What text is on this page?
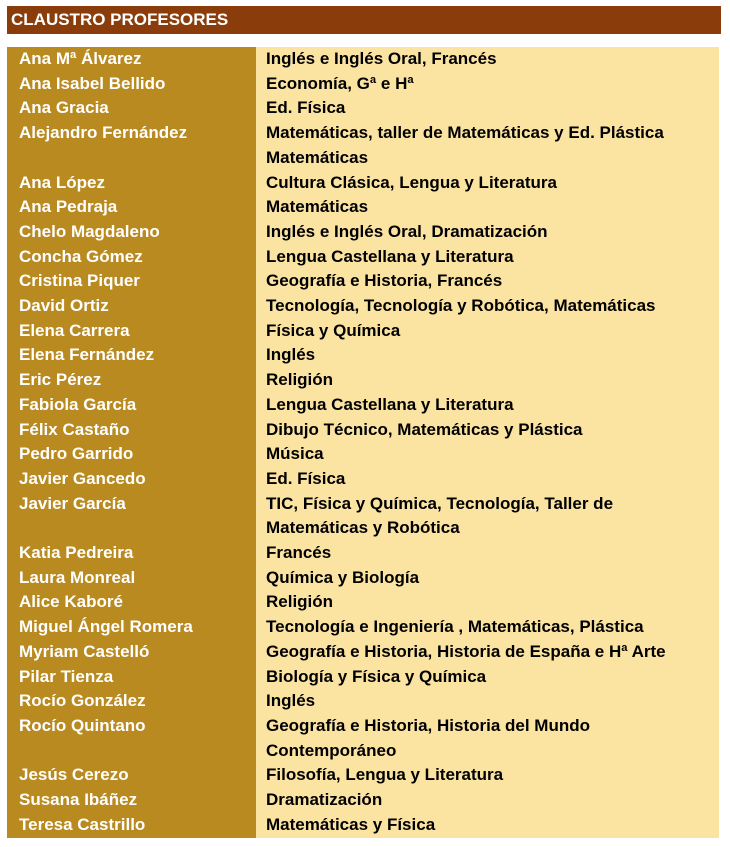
CLAUSTRO PROFESORES
Ana Mª Álvarez	Inglés e Inglés Oral, Francés
Ana Isabel Bellido	Economía, Gª e Hª
Ana Gracia	Ed. Física
Alejandro Fernández	Matemáticas, taller de Matemáticas y Ed. Plástica Matemáticas
Ana López	Cultura Clásica, Lengua y Literatura
Ana Pedraja	Matemáticas
Chelo Magdaleno	Inglés e Inglés Oral, Dramatización
Concha Gómez	Lengua Castellana y Literatura
Cristina Piquer	Geografía e Historia, Francés
David Ortiz	Tecnología, Tecnología y Robótica, Matemáticas
Elena Carrera	Física y Química
Elena Fernández	Inglés
Eric Pérez	Religión
Fabiola García	Lengua Castellana y Literatura
Félix Castaño	Dibujo Técnico, Matemáticas y Plástica
Pedro Garrido	Música
Javier Gancedo	Ed. Física
Javier García	TIC, Física y Química, Tecnología, Taller de Matemáticas y Robótica
Katia Pedreira	Francés
Laura Monreal	Química y Biología
Alice Kaboré	Religión
Miguel Ángel Romera	Tecnología e Ingeniería , Matemáticas, Plástica
Myriam Castelló	Geografía e Historia, Historia de España e Hª Arte
Pilar Tienza	Biología y Física y Química
Rocío González	Inglés
Rocío Quintano	Geografía e Historia, Historia del Mundo Contemporáneo
Jesús Cerezo	Filosofía, Lengua y Literatura
Susana Ibáñez	Dramatización
Teresa Castrillo	Matemáticas y Física
